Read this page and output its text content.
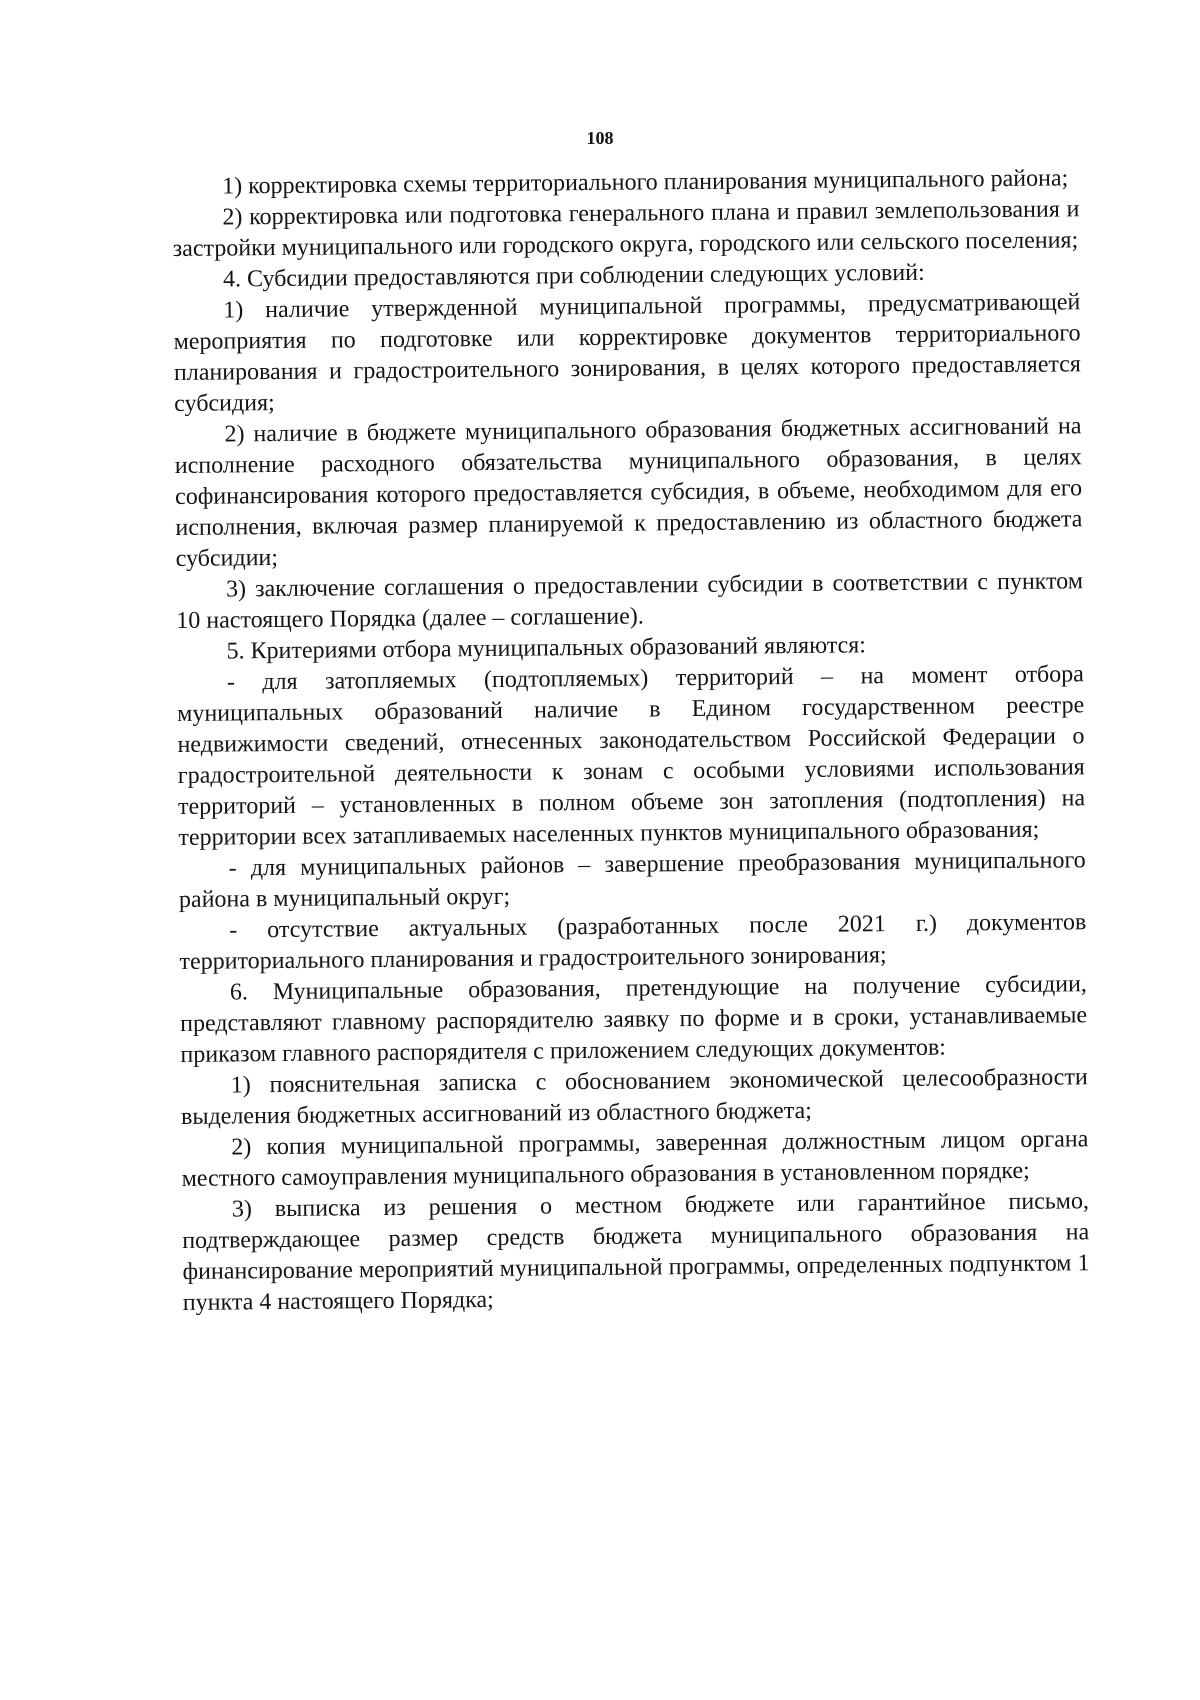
108

1) корректировка схемы территориального планирования муниципального района;

2) корректировка или подготовка генерального плана и правил землепользования и застройки муниципального или городского округа, городского или сельского поселения;

4. Субсидии предоставляются при соблюдении следующих условий:

1) наличие утвержденной муниципальной программы, предусматривающей мероприятия по подготовке или корректировке документов территориального планирования и градостроительного зонирования, в целях которого предоставляется субсидия;

2) наличие в бюджете муниципального образования бюджетных ассигнований на исполнение расходного обязательства муниципального образования, в целях софинансирования которого предоставляется субсидия, в объеме, необходимом для его исполнения, включая размер планируемой к предоставлению из областного бюджета субсидии;

3) заключение соглашения о предоставлении субсидии в соответствии с пунктом 10 настоящего Порядка (далее – соглашение).

5. Критериями отбора муниципальных образований являются:

- для затопляемых (подтопляемых) территорий – на момент отбора муниципальных образований наличие в Едином государственном реестре недвижимости сведений, отнесенных законодательством Российской Федерации о градостроительной деятельности к зонам с особыми условиями использования территорий – установленных в полном объеме зон затопления (подтопления) на территории всех затапливаемых населенных пунктов муниципального образования;

- для муниципальных районов – завершение преобразования муниципального района в муниципальный округ;

- отсутствие актуальных (разработанных после 2021 г.) документов территориального планирования и градостроительного зонирования;

6. Муниципальные образования, претендующие на получение субсидии, представляют главному распорядителю заявку по форме и в сроки, устанавливаемые приказом главного распорядителя с приложением следующих документов:

1) пояснительная записка с обоснованием экономической целесообразности выделения бюджетных ассигнований из областного бюджета;

2) копия муниципальной программы, заверенная должностным лицом органа местного самоуправления муниципального образования в установленном порядке;

3) выписка из решения о местном бюджете или гарантийное письмо, подтверждающее размер средств бюджета муниципального образования на финансирование мероприятий муниципальной программы, определенных подпунктом 1 пункта 4 настоящего Порядка;
